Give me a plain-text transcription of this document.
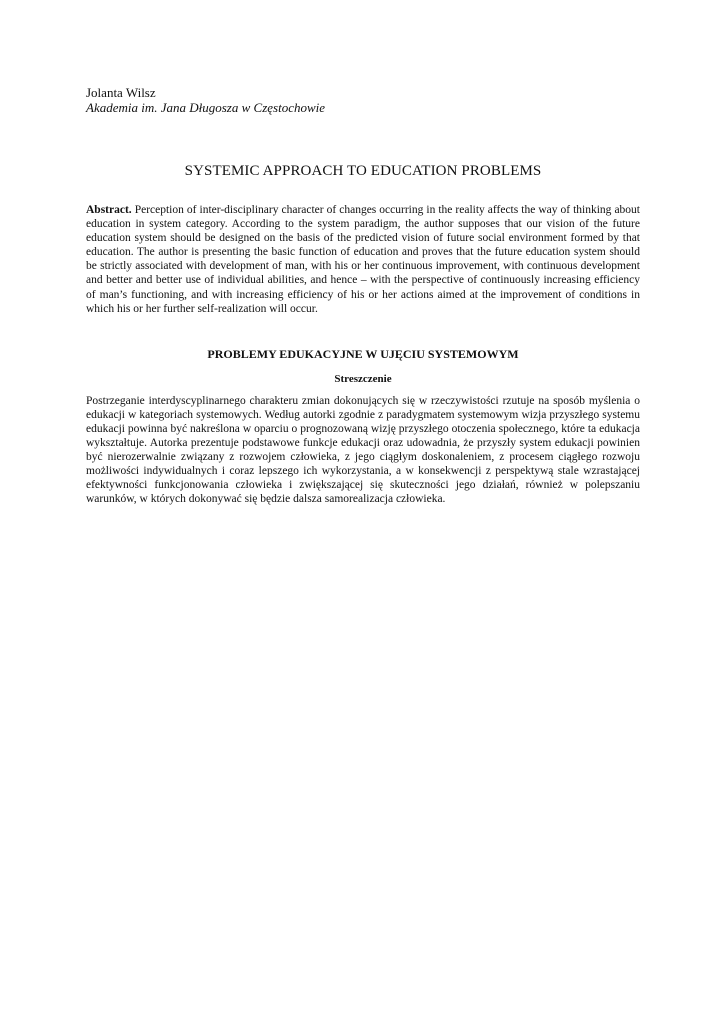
Jolanta Wilsz

Akademia im. Jana Długosza w Częstochowie

SYSTEMIC APPROACH TO EDUCATION PROBLEMS

Abstract. Perception of inter-disciplinary character of changes occurring in the reality affects the way of thinking about education in system category. According to the system paradigm, the author supposes that our vision of the future education system should be designed on the basis of the predicted vision of future social environment formed by that education. The author is presenting the basic function of education and proves that the future education system should be strictly associated with development of man, with his or her continuous improvement, with continuous development and better and better use of individual abilities, and hence – with the perspective of continuously increasing efficiency of man’s functioning, and with increasing efficiency of his or her actions aimed at the improvement of conditions in which his or her further self-realization will occur.

PROBLEMY EDUKACYJNE W UJĘCIU SYSTEMOWYM
Streszczenie

Postrzeganie interdyscyplinarnego charakteru zmian dokonujących się w rzeczywistości rzutuje na sposób myślenia o edukacji w kategoriach systemowych. Według autorki zgodnie z paradygmatem systemowym wizja przyszłego systemu edukacji powinna być nakreślona w oparciu o prognozowaną wizję przyszłego otoczenia społecznego, które ta edukacja wykształtuje. Autorka prezentuje podstawowe funkcje edukacji oraz udowadnia, że przyszły system edukacji powinien być nierozerwalnie związany z rozwojem człowieka, z jego ciągłym doskonaleniem, z procesem ciągłego rozwoju możliwości indywidualnych i coraz lepszego ich wykorzystania, a w konsekwencji z perspektywą stale wzrastającej efektywności funkcjonowania człowieka i zwiększającej się skuteczności jego działań, również w polepszaniu warunków, w których dokonywać się będzie dalsza samorealizacja człowieka.
